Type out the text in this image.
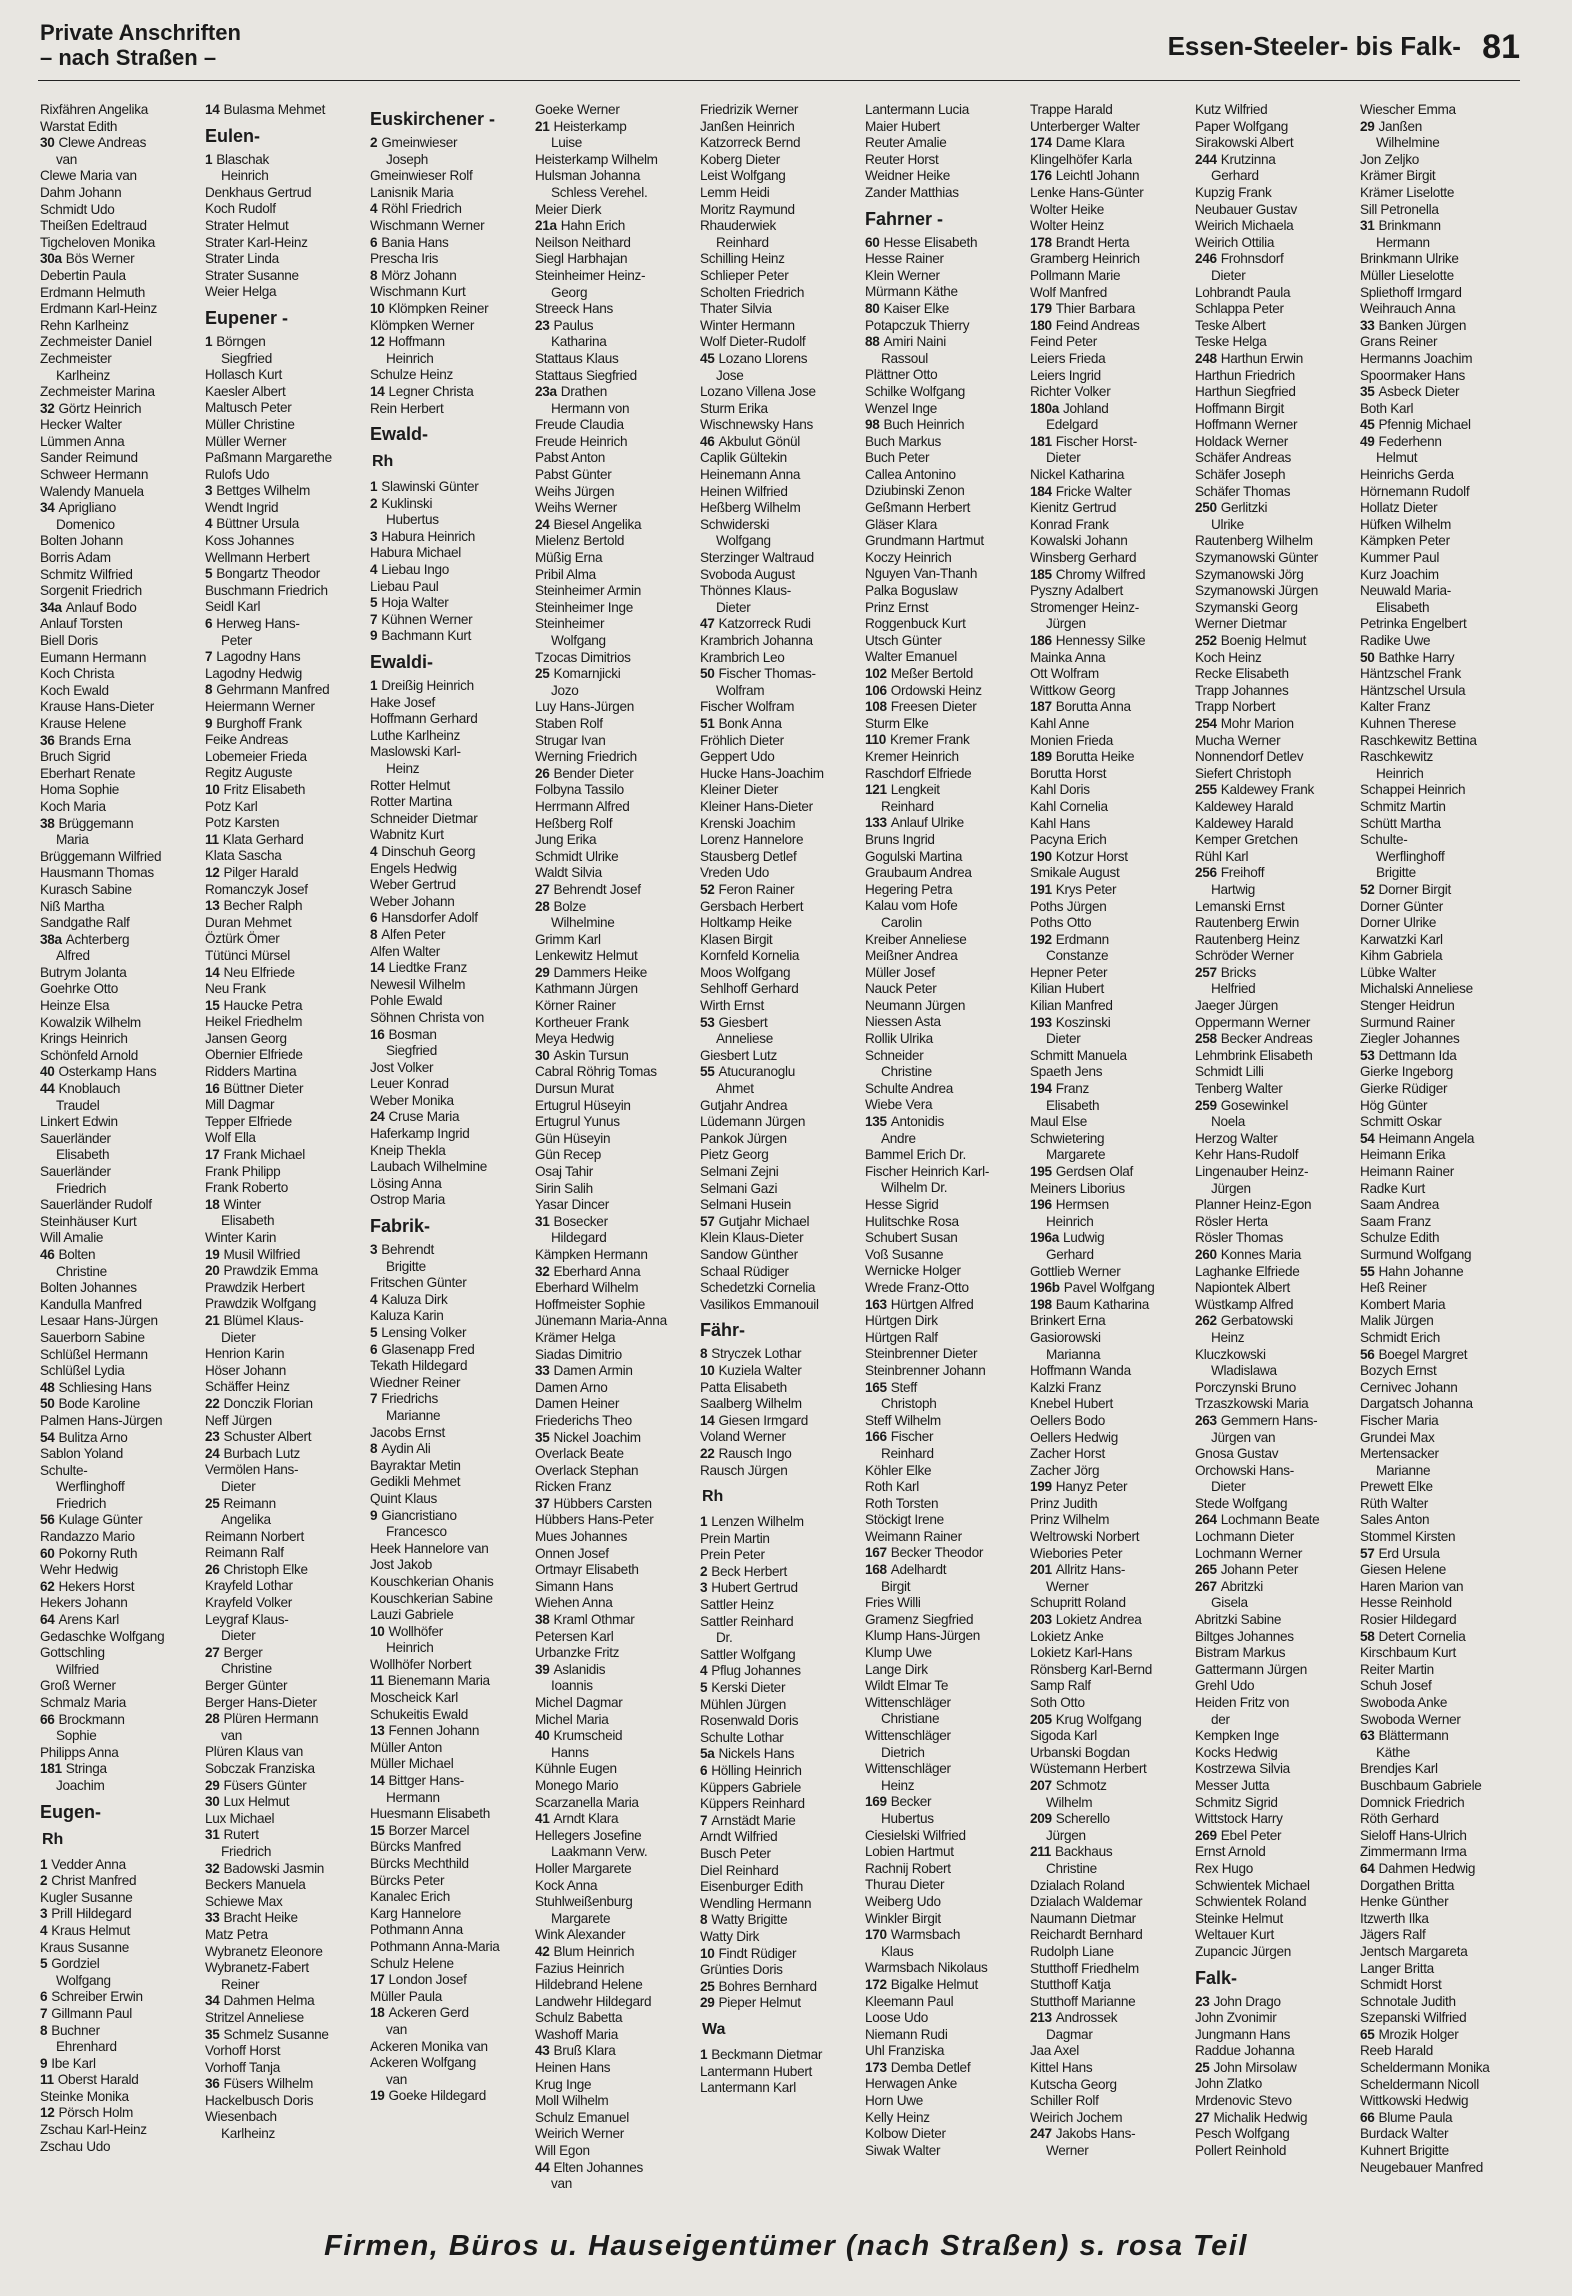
Private Anschriften
– nach Straßen –	Essen-Steeler- bis Falk- 81
Rixfähren Angelika
Warstat Edith
30 Clewe Andreas
van
Clewe Maria van
Dahm Johann
Schmidt Udo
Theißen Edeltraud
Tigcheloven Monika
30a Bös Werner
Debertin Paula
Erdmann Helmuth
Erdmann Karl-Heinz
Rehn Karlheinz
Zechmeister Daniel
Zechmeister
Karlheinz
Zechmeister Marina
32 Görtz Heinrich
Hecker Walter
Lümmen Anna
Sander Reimund
Schweer Hermann
Walendy Manuela
34 Aprigliano
Domenico
Bolten Johann
Borris Adam
Schmitz Wilfried
Sorgenit Friedrich
34a Anlauf Bodo
Anlauf Torsten
Biell Doris
Eumann Hermann
Koch Christa
Koch Ewald
Krause Hans-Dieter
Krause Helene
36 Brands Erna
Bruch Sigrid
Eberhart Renate
Homa Sophie
Koch Maria
38 Brüggemann
Maria
Brüggemann Wilfried
Hausmann Thomas
Kurasch Sabine
Niß Martha
Sandgathe Ralf
38a Achterberg
Alfred
Butrym Jolanta
Goehrke Otto
Heinze Elsa
Kowalzik Wilhelm
Krings Heinrich
Schönfeld Arnold
40 Osterkamp Hans
44 Knoblauch
Traudel
Linkert Edwin
Sauerländer
Elisabeth
Sauerländer
Friedrich
Sauerländer Rudolf
Steinhäuser Kurt
Will Amalie
46 Bolten
Christine
Bolten Johannes
Kandulla Manfred
Lesaar Hans-Jürgen
Sauerborn Sabine
Schlüßel Hermann
Schlüßel Lydia
48 Schliesing Hans
50 Bode Karoline
Palmen Hans-Jürgen
54 Bulitza Arno
Sablon Yoland
Schulte-
Werflinghoff
Friedrich
56 Kulage Günter
Randazzo Mario
60 Pokorny Ruth
Wehr Hedwig
62 Hekers Horst
Hekers Johann
64 Arens Karl
Gedaschke Wolfgang
Gottschling
Wilfried
Groß Werner
Schmalz Maria
66 Brockmann
Sophie
Philipps Anna
181 Stringa
Joachim
Eugen-
Rh
1 Vedder Anna
2 Christ Manfred
Kugler Susanne
3 Prill Hildegard
4 Kraus Helmut
Kraus Susanne
5 Gordziel
Wolfgang
6 Schreiber Erwin
7 Gillmann Paul
8 Buchner
Ehrenhard
9 Ibe Karl
11 Oberst Harald
Steinke Monika
12 Pörsch Holm
Zschau Karl-Heinz
Zschau Udo
14 Bulasma Mehmet
Eulen-
1 Blaschak
Heinrich
Denkhaus Gertrud
Koch Rudolf
Strater Helmut
Strater Karl-Heinz
Strater Linda
Strater Susanne
Weier Helga
Eupener -
1 Börngen
Siegfried
Hollasch Kurt
Kaesler Albert
Maltusch Peter
Müller Christine
Müller Werner
Paßmann Margarethe
Rulofs Udo
3 Bettges Wilhelm
Wendt Ingrid
4 Büttner Ursula
Koss Johannes
Wellmann Herbert
5 Bongartz Theodor
Buschmann Friedrich
Seidl Karl
6 Herweg Hans-
Peter
7 Lagodny Hans
Lagodny Hedwig
8 Gehrmann Manfred
Heiermann Werner
9 Burghoff Frank
Feike Andreas
Lobemeier Frieda
Regitz Auguste
10 Fritz Elisabeth
Potz Karl
Potz Karsten
11 Klata Gerhard
Klata Sascha
12 Pilger Harald
Romanczyk Josef
13 Becher Ralph
Duran Mehmet
Öztürk Ömer
Tütünci Mürsel
14 Neu Elfriede
Neu Frank
15 Haucke Petra
Heikel Friedhelm
Jansen Georg
Obernier Elfriede
Ridders Martina
16 Büttner Dieter
Mill Dagmar
Tepper Elfriede
Wolf Ella
17 Frank Michael
Frank Philipp
Frank Roberto
18 Winter
Elisabeth
Winter Karin
19 Musil Wilfried
20 Prawdzik Emma
Prawdzik Herbert
Prawdzik Wolfgang
21 Blümel Klaus-
Dieter
Henrion Karin
Höser Johann
Schäffer Heinz
22 Donczik Florian
Neff Jürgen
23 Schuster Albert
24 Burbach Lutz
Vermölen Hans-
Dieter
25 Reimann
Angelika
Reimann Norbert
Reimann Ralf
26 Christoph Elke
Krayfeld Lothar
Krayfeld Volker
Leygraf Klaus-
Dieter
27 Berger
Christine
Berger Günter
Berger Hans-Dieter
28 Plüren Hermann
van
Plüren Klaus van
Sobczak Franziska
29 Füsers Günter
30 Lux Helmut
Lux Michael
31 Rutert
Friedrich
32 Badowski Jasmin
Beckers Manuela
Schiewe Max
33 Bracht Heike
Matz Petra
Wybranetz Eleonore
Wybranetz-Fabert
Reiner
34 Dahmen Helma
Stritzel Anneliese
35 Schmelz Susanne
Vorhoff Horst
Vorhoff Tanja
36 Füsers Wilhelm
Hackelbusch Doris
Wiesenbach
Karlheinz
Euskirchener -
2 Gmeinwieser
Joseph
Gmeinwieser Rolf
Lanisnik Maria
4 Röhl Friedrich
Wischmann Werner
6 Bania Hans
Prescha Iris
8 Mörz Johann
Wischmann Kurt
10 Klömpken Reiner
Klömpken Werner
12 Hoffmann
Heinrich
Schulze Heinz
14 Legner Christa
Rein Herbert
Ewald-
Rh
1 Slawinski Günter
2 Kuklinski
Hubertus
3 Habura Heinrich
Habura Michael
4 Liebau Ingo
Liebau Paul
5 Hoja Walter
7 Kühnen Werner
9 Bachmann Kurt
Ewaldi-
1 Dreißig Heinrich
Hake Josef
Hoffmann Gerhard
Luthe Karlheinz
Maslowski Karl-
Heinz
Rotter Helmut
Rotter Martina
Schneider Dietmar
Wabnitz Kurt
4 Dinschuh Georg
Engels Hedwig
Weber Gertrud
Weber Johann
6 Hansdorfer Adolf
8 Alfen Peter
Alfen Walter
14 Liedtke Franz
Newesil Wilhelm
Pohle Ewald
Söhnen Christa von
16 Bosman
Siegfried
Jost Volker
Leuer Konrad
Weber Monika
24 Cruse Maria
Haferkamp Ingrid
Kneip Thekla
Laubach Wilhelmine
Lösing Anna
Ostrop Maria
Fabrik-
3 Behrendt
Brigitte
Fritschen Günter
4 Kaluza Dirk
Kaluza Karin
5 Lensing Volker
6 Glasenapp Fred
Tekath Hildegard
Wiedner Reiner
7 Friedrichs
Marianne
Jacobs Ernst
8 Aydin Ali
Bayraktar Metin
Gedikli Mehmet
Quint Klaus
9 Giancristiano
Francesco
Heek Hannelore van
Jost Jakob
Kouschkerian Ohanis
Kouschkerian Sabine
Lauzi Gabriele
10 Wollhöfer
Heinrich
Wollhöfer Norbert
11 Bienemann Maria
Moscheick Karl
Schukeitis Ewald
13 Fennen Johann
Müller Anton
Müller Michael
14 Bittger Hans-
Hermann
Huesmann Elisabeth
15 Borzer Marcel
Bürcks Manfred
Bürcks Mechthild
Bürcks Peter
Kanalec Erich
Karg Hannelore
Pothmann Anna
Pothmann Anna-Maria
Schulz Helene
17 London Josef
Müller Paula
18 Ackeren Gerd
van
Ackeren Monika van
Ackeren Wolfgang
van
19 Goeke Hildegard
Goeke Werner
21 Heisterkamp
Luise
Heisterkamp Wilhelm
Hulsman Johanna
Schless Verehel.
Meier Dierk
21a Hahn Erich
Neilson Neithard
Siegl Harbhajan
Steinheimer Heinz-
Georg
Streeck Hans
23 Paulus
Katharina
Stattaus Klaus
Stattaus Siegfried
23a Drathen
Hermann von
Freude Claudia
Freude Heinrich
Pabst Anton
Pabst Günter
Weihs Jürgen
Weihs Werner
24 Biesel Angelika
Mielenz Bertold
Müßig Erna
Pribil Alma
Steinheimer Armin
Steinheimer Inge
Steinheimer
Wolfgang
Tzocas Dimitrios
25 Komarnjicki
Jozo
Luy Hans-Jürgen
Staben Rolf
Strugar Ivan
Werning Friedrich
26 Bender Dieter
Folbyna Tassilo
Herrmann Alfred
Heßberg Rolf
Jung Erika
Schmidt Ulrike
Waldt Silvia
27 Behrendt Josef
28 Bolze
Wilhelmine
Grimm Karl
Lenkewitz Helmut
29 Dammers Heike
Kathmann Jürgen
Körner Rainer
Kortheuer Frank
Meya Hedwig
30 Askin Tursun
Cabral Röhrig Tomas
Dursun Murat
Ertugrul Hüseyin
Ertugrul Yunus
Gün Hüseyin
Gün Recep
Osaj Tahir
Sirin Salih
Yasar Dincer
31 Bosecker
Hildegard
Kämpken Hermann
32 Eberhard Anna
Eberhard Wilhelm
Hoffmeister Sophie
Jünemann Maria-Anna
Krämer Helga
Siadas Dimitrio
33 Damen Armin
Damen Arno
Damen Heiner
Friederichs Theo
35 Nickel Joachim
Overlack Beate
Overlack Stephan
Ricken Franz
37 Hübbers Carsten
Hübbers Hans-Peter
Mues Johannes
Onnen Josef
Ortmayr Elisabeth
Simann Hans
Wiehen Anna
38 Kraml Othmar
Petersen Karl
Urbanzke Fritz
39 Aslanidis
Ioannis
Michel Dagmar
Michel Maria
40 Krumscheid
Hanns
Kühnle Eugen
Monego Mario
Scarzanella Maria
41 Arndt Klara
Hellegers Josefine
Laakmann Verw.
Holler Margarete
Kock Anna
Stuhlweißenburg
Margarete
Wink Alexander
42 Blum Heinrich
Fazius Heinrich
Hildebrand Helene
Landwehr Hildegard
Schulz Babetta
Washoff Maria
43 Bruß Klara
Heinen Hans
Krug Inge
Moll Wilhelm
Schulz Emanuel
Weirich Werner
Will Egon
44 Elten Johannes
van
Friedrizik Werner
Janßen Heinrich
Katzorreck Bernd
Koberg Dieter
Leist Wolfgang
Lemm Heidi
Moritz Raymund
Rhauderwiek
Reinhard
Schilling Heinz
Schlieper Peter
Scholten Friedrich
Thater Silvia
Winter Hermann
Wolf Dieter-Rudolf
45 Lozano Llorens
Jose
Lozano Villena Jose
Sturm Erika
Wischnewsky Hans
46 Akbulut Gönül
Caplik Gültekin
Heinemann Anna
Heinen Wilfried
Heßberg Wilhelm
Schwiderski
Wolfgang
Sterzinger Waltraud
Svoboda August
Thönnes Klaus-
Dieter
47 Katzorreck Rudi
Krambrich Johanna
Krambrich Leo
50 Fischer Thomas-
Wolfram
Fischer Wolfram
51 Bonk Anna
Fröhlich Dieter
Geppert Udo
Hucke Hans-Joachim
Kleiner Dieter
Kleiner Hans-Dieter
Krenski Joachim
Lorenz Hannelore
Stausberg Detlef
Vreden Udo
52 Feron Rainer
Gersbach Herbert
Holtkamp Heike
Klasen Birgit
Kornfeld Kornelia
Moos Wolfgang
Sehlhoff Gerhard
Wirth Ernst
53 Giesbert
Anneliese
Giesbert Lutz
55 Atucuranoglu
Ahmet
Gutjahr Andrea
Lüdemann Jürgen
Pankok Jürgen
Pietz Georg
Selmani Zejni
Selmani Gazi
Selmani Husein
57 Gutjahr Michael
Klein Klaus-Dieter
Sandow Günther
Schaal Rüdiger
Schedetzki Cornelia
Vasilikos Emmanouil
Fähr-
8 Stryczek Lothar
10 Kuziela Walter
Patta Elisabeth
Saalberg Wilhelm
14 Giesen Irmgard
Voland Werner
22 Rausch Ingo
Rausch Jürgen
Rh
1 Lenzen Wilhelm
Prein Martin
Prein Peter
2 Beck Herbert
3 Hubert Gertrud
Sattler Heinz
Sattler Reinhard
Dr.
Sattler Wolfgang
4 Pflug Johannes
5 Kerski Dieter
Mühlen Jürgen
Rosenwald Doris
Schulte Lothar
5a Nickels Hans
6 Hölling Heinrich
Küppers Gabriele
Küppers Reinhard
7 Arnstädt Marie
Arndt Wilfried
Busch Peter
Diel Reinhard
Eisenburger Edith
Wendling Hermann
8 Watty Brigitte
Watty Dirk
10 Findt Rüdiger
Grünties Doris
25 Bohres Bernhard
29 Pieper Helmut
Wa
1 Beckmann Dietmar
Lantermann Hubert
Lantermann Karl
Lantermann Lucia
Maier Hubert
Reuter Amalie
Reuter Horst
Weidner Heike
Zander Matthias
Fahrner -
60 Hesse Elisabeth
Hesse Rainer
Klein Werner
Mürmann Käthe
80 Kaiser Elke
Potapczuk Thierry
88 Amiri Naini
Rassoul
Plättner Otto
Schilke Wolfgang
Wenzel Inge
98 Buch Heinrich
Buch Markus
Buch Peter
Callea Antonino
Dziubinski Zenon
Geßmann Herbert
Gläser Klara
Grundmann Hartmut
Koczy Heinrich
Nguyen Van-Thanh
Palka Boguslaw
Prinz Ernst
Roggenbuck Kurt
Utsch Günter
Walter Emanuel
102 Meßer Bertold
106 Ordowski Heinz
108 Freesen Dieter
Sturm Elke
110 Kremer Frank
Kremer Heinrich
Raschdorf Elfriede
121 Lengkeit
Reinhard
133 Anlauf Ulrike
Bruns Ingrid
Gogulski Martina
Graubaum Andrea
Hegering Petra
Kalau vom Hofe
Carolin
Kreiber Anneliese
Meißner Andrea
Müller Josef
Nauck Peter
Neumann Jürgen
Niessen Asta
Rollik Ulrika
Schneider
Christine
Schulte Andrea
Wiebe Vera
135 Antonidis
Andre
Bammel Erich Dr.
Fischer Heinrich Karl-
Wilhelm Dr.
Hesse Sigrid
Hulitschke Rosa
Schubert Susan
Voß Susanne
Wernicke Holger
Wrede Franz-Otto
163 Hürtgen Alfred
Hürtgen Dirk
Hürtgen Ralf
Steinbrenner Dieter
Steinbrenner Johann
165 Steff
Christoph
Steff Wilhelm
166 Fischer
Reinhard
Köhler Elke
Roth Karl
Roth Torsten
Stöckigt Irene
Weimann Rainer
167 Becker Theodor
168 Adelhardt
Birgit
Fries Willi
Gramenz Siegfried
Klump Hans-Jürgen
Klump Uwe
Lange Dirk
Wildt Elmar Te
Wittenschläger
Christiane
Wittenschläger
Dietrich
Wittenschläger
Heinz
169 Becker
Hubertus
Ciesielski Wilfried
Lobien Hartmut
Rachnij Robert
Thurau Dieter
Weiberg Udo
Winkler Birgit
170 Warmsbach
Klaus
Warmsbach Nikolaus
172 Bigalke Helmut
Kleemann Paul
Loose Udo
Niemann Rudi
Uhl Franziska
173 Demba Detlef
Herwagen Anke
Horn Uwe
Kelly Heinz
Kolbow Dieter
Siwak Walter
Trappe Harald
Unterberger Walter
174 Dame Klara
Klingelhöfer Karla
176 Leichtl Johann
Lenke Hans-Günter
Wolter Heike
Wolter Heinz
178 Brandt Herta
Gramberg Heinrich
Pollmann Marie
Wolf Manfred
179 Thier Barbara
180 Feind Andreas
Feind Peter
Leiers Frieda
Leiers Ingrid
Richter Volker
180a Johland
Edelgard
181 Fischer Horst-
Dieter
Nickel Katharina
184 Fricke Walter
Kienitz Gertrud
Konrad Frank
Kowalski Johann
Winsberg Gerhard
185 Chromy Wilfred
Pyszny Adalbert
Stromenger Heinz-
Jürgen
186 Hennessy Silke
Mainka Anna
Ott Wolfram
Wittkow Georg
187 Borutta Anna
Kahl Anne
Monien Frieda
189 Borutta Heike
Borutta Horst
Kahl Doris
Kahl Cornelia
Kahl Hans
Pacyna Erich
190 Kotzur Horst
Smikale August
191 Krys Peter
Poths Jürgen
Poths Otto
192 Erdmann
Constanze
Hepner Peter
Kilian Hubert
Kilian Manfred
193 Koszinski
Dieter
Schmitt Manuela
Spaeth Jens
194 Franz
Elisabeth
Maul Else
Schwietering
Margarete
195 Gerdsen Olaf
Meiners Liborius
196 Hermsen
Heinrich
196a Ludwig
Gerhard
Gottlieb Werner
196b Pavel Wolfgang
198 Baum Katharina
Brinkert Erna
Gasiorowski
Marianna
Hoffmann Wanda
Kalzki Franz
Knebel Hubert
Oellers Bodo
Oellers Hedwig
Zacher Horst
Zacher Jörg
199 Hanyz Peter
Prinz Judith
Prinz Wilhelm
Weltrowski Norbert
Wiebories Peter
201 Allritz Hans-
Werner
Schupritt Roland
203 Lokietz Andrea
Lokietz Anke
Lokietz Karl-Hans
Rönsberg Karl-Bernd
Samp Ralf
Soth Otto
205 Krug Wolfgang
Sigoda Karl
Urbanski Bogdan
Wüstemann Herbert
207 Schmotz
Wilhelm
209 Scherello
Jürgen
211 Backhaus
Christine
Dzialach Roland
Dzialach Waldemar
Naumann Dietmar
Reichardt Bernhard
Rudolph Liane
Stutthoff Friedhelm
Stutthoff Katja
Stutthoff Marianne
213 Androssek
Dagmar
Jaa Axel
Kittel Hans
Kutscha Georg
Schiller Rolf
Weirich Jochem
247 Jakobs Hans-
Werner
Kutz Wilfried
Paper Wolfgang
Sirakowski Albert
244 Krutzinna
Gerhard
Kupzig Frank
Neubauer Gustav
Weirich Michaela
Weirich Ottilia
246 Frohnsdorf
Dieter
Lohbrandt Paula
Schlappa Peter
Teske Albert
Teske Helga
248 Harthun Erwin
Harthun Friedrich
Harthun Siegfried
Hoffmann Birgit
Hoffmann Werner
Holdack Werner
Schäfer Andreas
Schäfer Joseph
Schäfer Thomas
250 Gerlitzki
Ulrike
Rautenberg Wilhelm
Szymanowski Günter
Szymanowski Jörg
Szymanowski Jürgen
Szymanski Georg
Werner Dietmar
252 Boenig Helmut
Koch Heinz
Recke Elisabeth
Trapp Johannes
Trapp Norbert
254 Mohr Marion
Mucha Werner
Nonnendorf Detlev
Siefert Christoph
255 Kaldewey Frank
Kaldewey Harald
Kaldewey Harald
Kemper Gretchen
Rühl Karl
256 Freihoff
Hartwig
Lemanski Ernst
Rautenberg Erwin
Rautenberg Heinz
Schröder Werner
257 Bricks
Helfried
Jaeger Jürgen
Oppermann Werner
258 Becker Andreas
Lehmbrink Elisabeth
Schmidt Lilli
Tenberg Walter
259 Gosewinkel
Noela
Herzog Walter
Kehr Hans-Rudolf
Lingenauber Heinz-
Jürgen
Planner Heinz-Egon
Rösler Herta
Rösler Thomas
260 Konnes Maria
Laghanke Elfriede
Napiontek Albert
Wüstkamp Alfred
262 Gerbatowski
Heinz
Kluczkowski
Wladislawa
Porczynski Bruno
Trzaszkowski Maria
263 Gemmern Hans-
Jürgen van
Gnosa Gustav
Orchowski Hans-
Dieter
Stede Wolfgang
264 Lochmann Beate
Lochmann Dieter
Lochmann Werner
265 Johann Peter
267 Abritzki
Gisela
Abritzki Sabine
Biltges Johannes
Bistram Markus
Gattermann Jürgen
Grehl Udo
Heiden Fritz von
der
Kempken Inge
Kocks Hedwig
Kostrzewa Silvia
Messer Jutta
Schmitz Sigrid
Wittstock Harry
269 Ebel Peter
Ernst Arnold
Rex Hugo
Schwientek Michael
Schwientek Roland
Steinke Helmut
Weltauer Kurt
Zupancic Jürgen
Falk-
23 John Drago
John Zvonimir
Jungmann Hans
Raddue Johanna
25 John Mirsolaw
John Zlatko
Mrdenovic Stevo
27 Michalik Hedwig
Pesch Wolfgang
Pollert Reinhold
Wiescher Emma
29 Janßen
Wilhelmine
Jon Zeljko
Krämer Birgit
Krämer Liselotte
Sill Petronella
31 Brinkmann
Hermann
Brinkmann Ulrike
Müller Lieselotte
Spliethoff Irmgard
Weihrauch Anna
33 Banken Jürgen
Grans Reiner
Hermanns Joachim
Spoormaker Hans
35 Asbeck Dieter
Both Karl
45 Pfennig Michael
49 Federhenn
Helmut
Heinrichs Gerda
Hörnemann Rudolf
Hollatz Dieter
Hüfken Wilhelm
Kämpken Peter
Kummer Paul
Kurz Joachim
Neuwald Maria-
Elisabeth
Petrinka Engelbert
Radike Uwe
50 Bathke Harry
Häntzschel Frank
Häntzschel Ursula
Kalter Franz
Kuhnen Therese
Raschkewitz Bettina
Raschkewitz
Heinrich
Schappei Heinrich
Schmitz Martin
Schütt Martha
Schulte-
Werflinghoff
Brigitte
52 Dorner Birgit
Dorner Günter
Dorner Ulrike
Karwatzki Karl
Kihm Gabriela
Lübke Walter
Michalski Anneliese
Stenger Heidrun
Surmund Rainer
Ziegler Johannes
53 Dettmann Ida
Gierke Ingeborg
Gierke Rüdiger
Hög Günter
Schmitt Oskar
54 Heimann Angela
Heimann Erika
Heimann Rainer
Radke Kurt
Saam Andrea
Saam Franz
Schulze Edith
Surmund Wolfgang
55 Hahn Johanne
Heß Reiner
Kombert Maria
Malik Jürgen
Schmidt Erich
56 Boegel Margret
Bozych Ernst
Cernivec Johann
Dargatsch Johanna
Fischer Maria
Grundei Max
Mertensacker
Marianne
Prewett Elke
Rüth Walter
Sales Anton
Stommel Kirsten
57 Erd Ursula
Giesen Helene
Haren Marion van
Hesse Reinhold
Rosier Hildegard
58 Detert Cornelia
Kirschbaum Kurt
Reiter Martin
Schuh Josef
Swoboda Anke
Swoboda Werner
63 Blättermann
Käthe
Brendjes Karl
Buschbaum Gabriele
Domnick Friedrich
Röth Gerhard
Sieloff Hans-Ulrich
Zimmermann Irma
64 Dahmen Hedwig
Dorgathen Britta
Henke Günther
Itzwerth Ilka
Jägers Ralf
Jentsch Margareta
Langer Britta
Schmidt Horst
Schnotale Judith
Szepanski Wilfried
65 Mrozik Holger
Reeb Harald
Scheldermann Monika
Scheldermann Nicoll
Wittkowski Hedwig
66 Blume Paula
Burdack Walter
Kuhnert Brigitte
Neugebauer Manfred
Firmen, Büros u. Hauseigentümer (nach Straßen) s. rosa Teil
